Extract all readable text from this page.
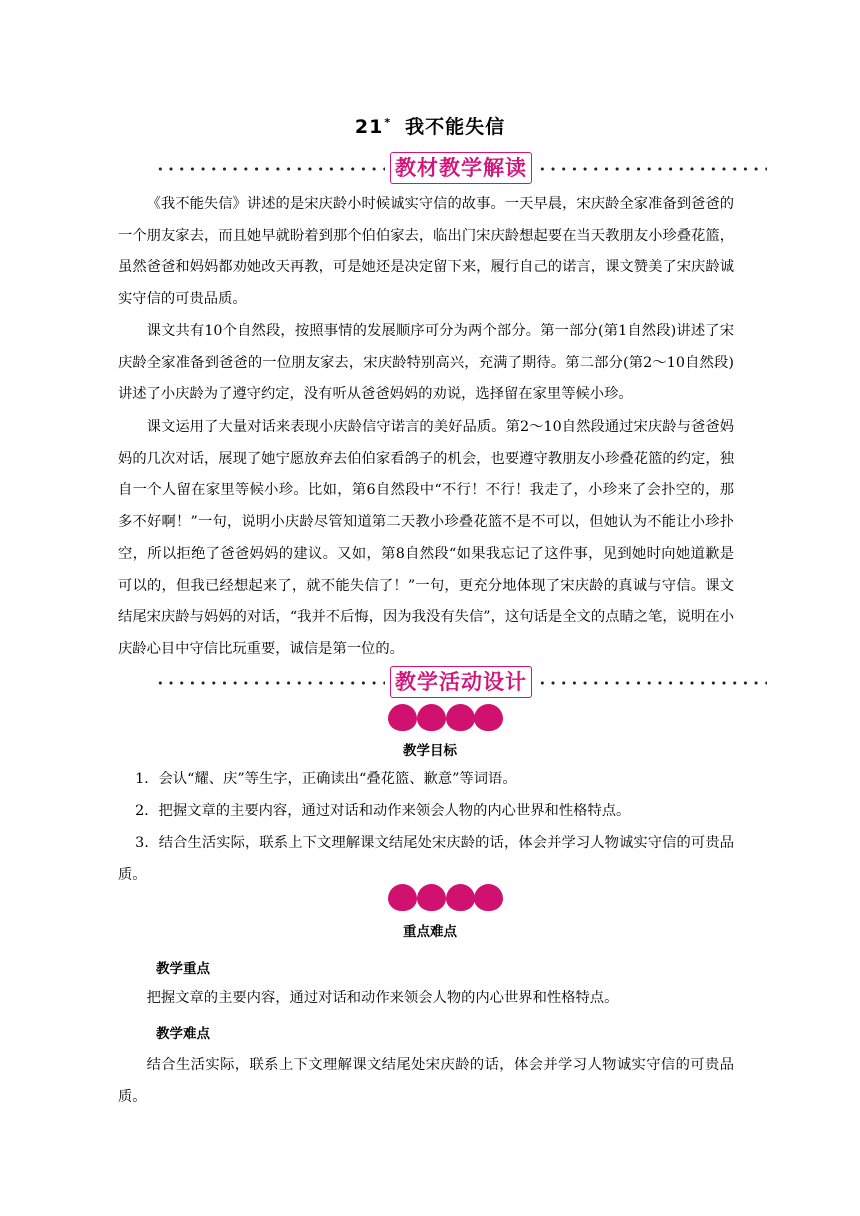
21* 我不能失信
教材教学解读

《我不能失信》讲述的是宋庆龄小时候诚实守信的故事。一天早晨，宋庆龄全家准备到爸爸的一个朋友家去，而且她早就盼着到那个伯伯家去，临出门宋庆龄想起要在当天教朋友小珍叠花篮，虽然爸爸和妈妈都劝她改天再教，可是她还是决定留下来，履行自己的诺言，课文赞美了宋庆龄诚实守信的可贵品质。

课文共有10个自然段，按照事情的发展顺序可分为两个部分。第一部分(第1自然段)讲述了宋庆龄全家准备到爸爸的一位朋友家去，宋庆龄特别高兴，充满了期待。第二部分(第2～10自然段)讲述了小庆龄为了遵守约定，没有听从爸爸妈妈的劝说，选择留在家里等候小珍。

课文运用了大量对话来表现小庆龄信守诺言的美好品质。第2～10自然段通过宋庆龄与爸爸妈妈的几次对话，展现了她宁愿放弃去伯伯家看鸽子的机会，也要遵守教朋友小珍叠花篮的约定，独自一个人留在家里等候小珍。比如，第6自然段中“不行！不行！我走了，小珍来了会扑空的，那多不好啊！”一句，说明小庆龄尽管知道第二天教小珍叠花篮不是不可以，但她认为不能让小珍扑空，所以拒绝了爸爸妈妈的建议。又如，第8自然段“如果我忘记了这件事，见到她时向她道歉是可以的，但我已经想起来了，就不能失信了！”一句，更充分地体现了宋庆龄的真诚与守信。课文结尾宋庆龄与妈妈的对话，“我并不后悔，因为我没有失信”，这句话是全文的点睛之笔，说明在小庆龄心目中守信比玩重要，诚信是第一位的。

教学活动设计
教学目标

1．会认“耀、庆”等生字，正确读出“叠花篮、歉意”等词语。

2．把握文章的主要内容，通过对话和动作来领会人物的内心世界和性格特点。

3．结合生活实际，联系上下文理解课文结尾处宋庆龄的话，体会并学习人物诚实守信的可贵品质。

重点难点
教学重点

把握文章的主要内容，通过对话和动作来领会人物的内心世界和性格特点。

教学难点

结合生活实际，联系上下文理解课文结尾处宋庆龄的话，体会并学习人物诚实守信的可贵品质。
